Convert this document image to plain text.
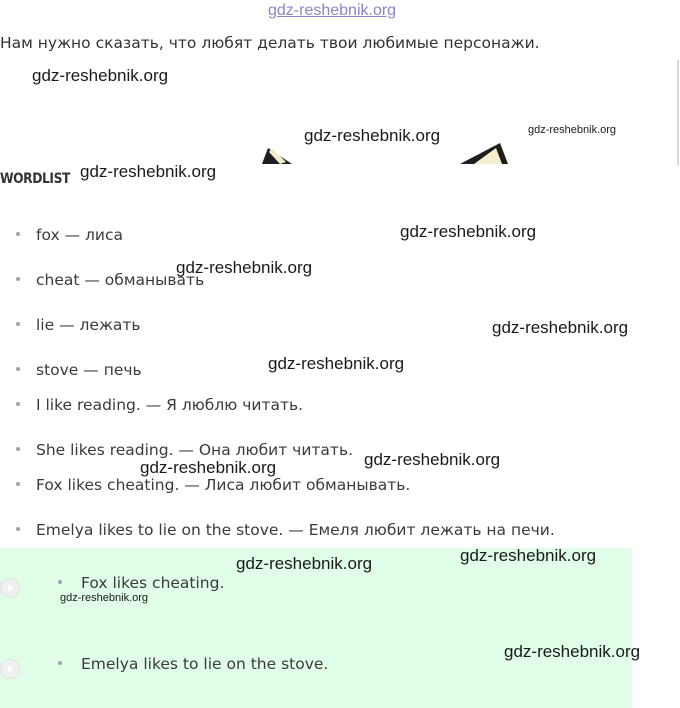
gdz-reshebnik.org
Нам нужно сказать, что любят делать твои любимые персонажи.
WORDLIST
fox — лиса
cheat — обманывать
lie — лежать
stove — печь
I like reading. — Я люблю читать.
She likes reading. — Она любит читать.
Fox likes cheating. — Лиса любит обманывать.
Emelya likes to lie on the stove. — Емеля любит лежать на печи.
Fox likes cheating.
Emelya likes to lie on the stove.
gdz-reshebnik.org
gdz-reshebnik.org	gdz-reshebnik.org
gdz-reshebnik.org
gdz-reshebnik.org
gdz-reshebnik.org
gdz-reshebnik.org
gdz-reshebnik.org
gdz-reshebnik.org
gdz-reshebnik.org
gdz-reshebnik.org
gdz-reshebnik.org
gdz-reshebnik.org
gdz-reshebnik.org
